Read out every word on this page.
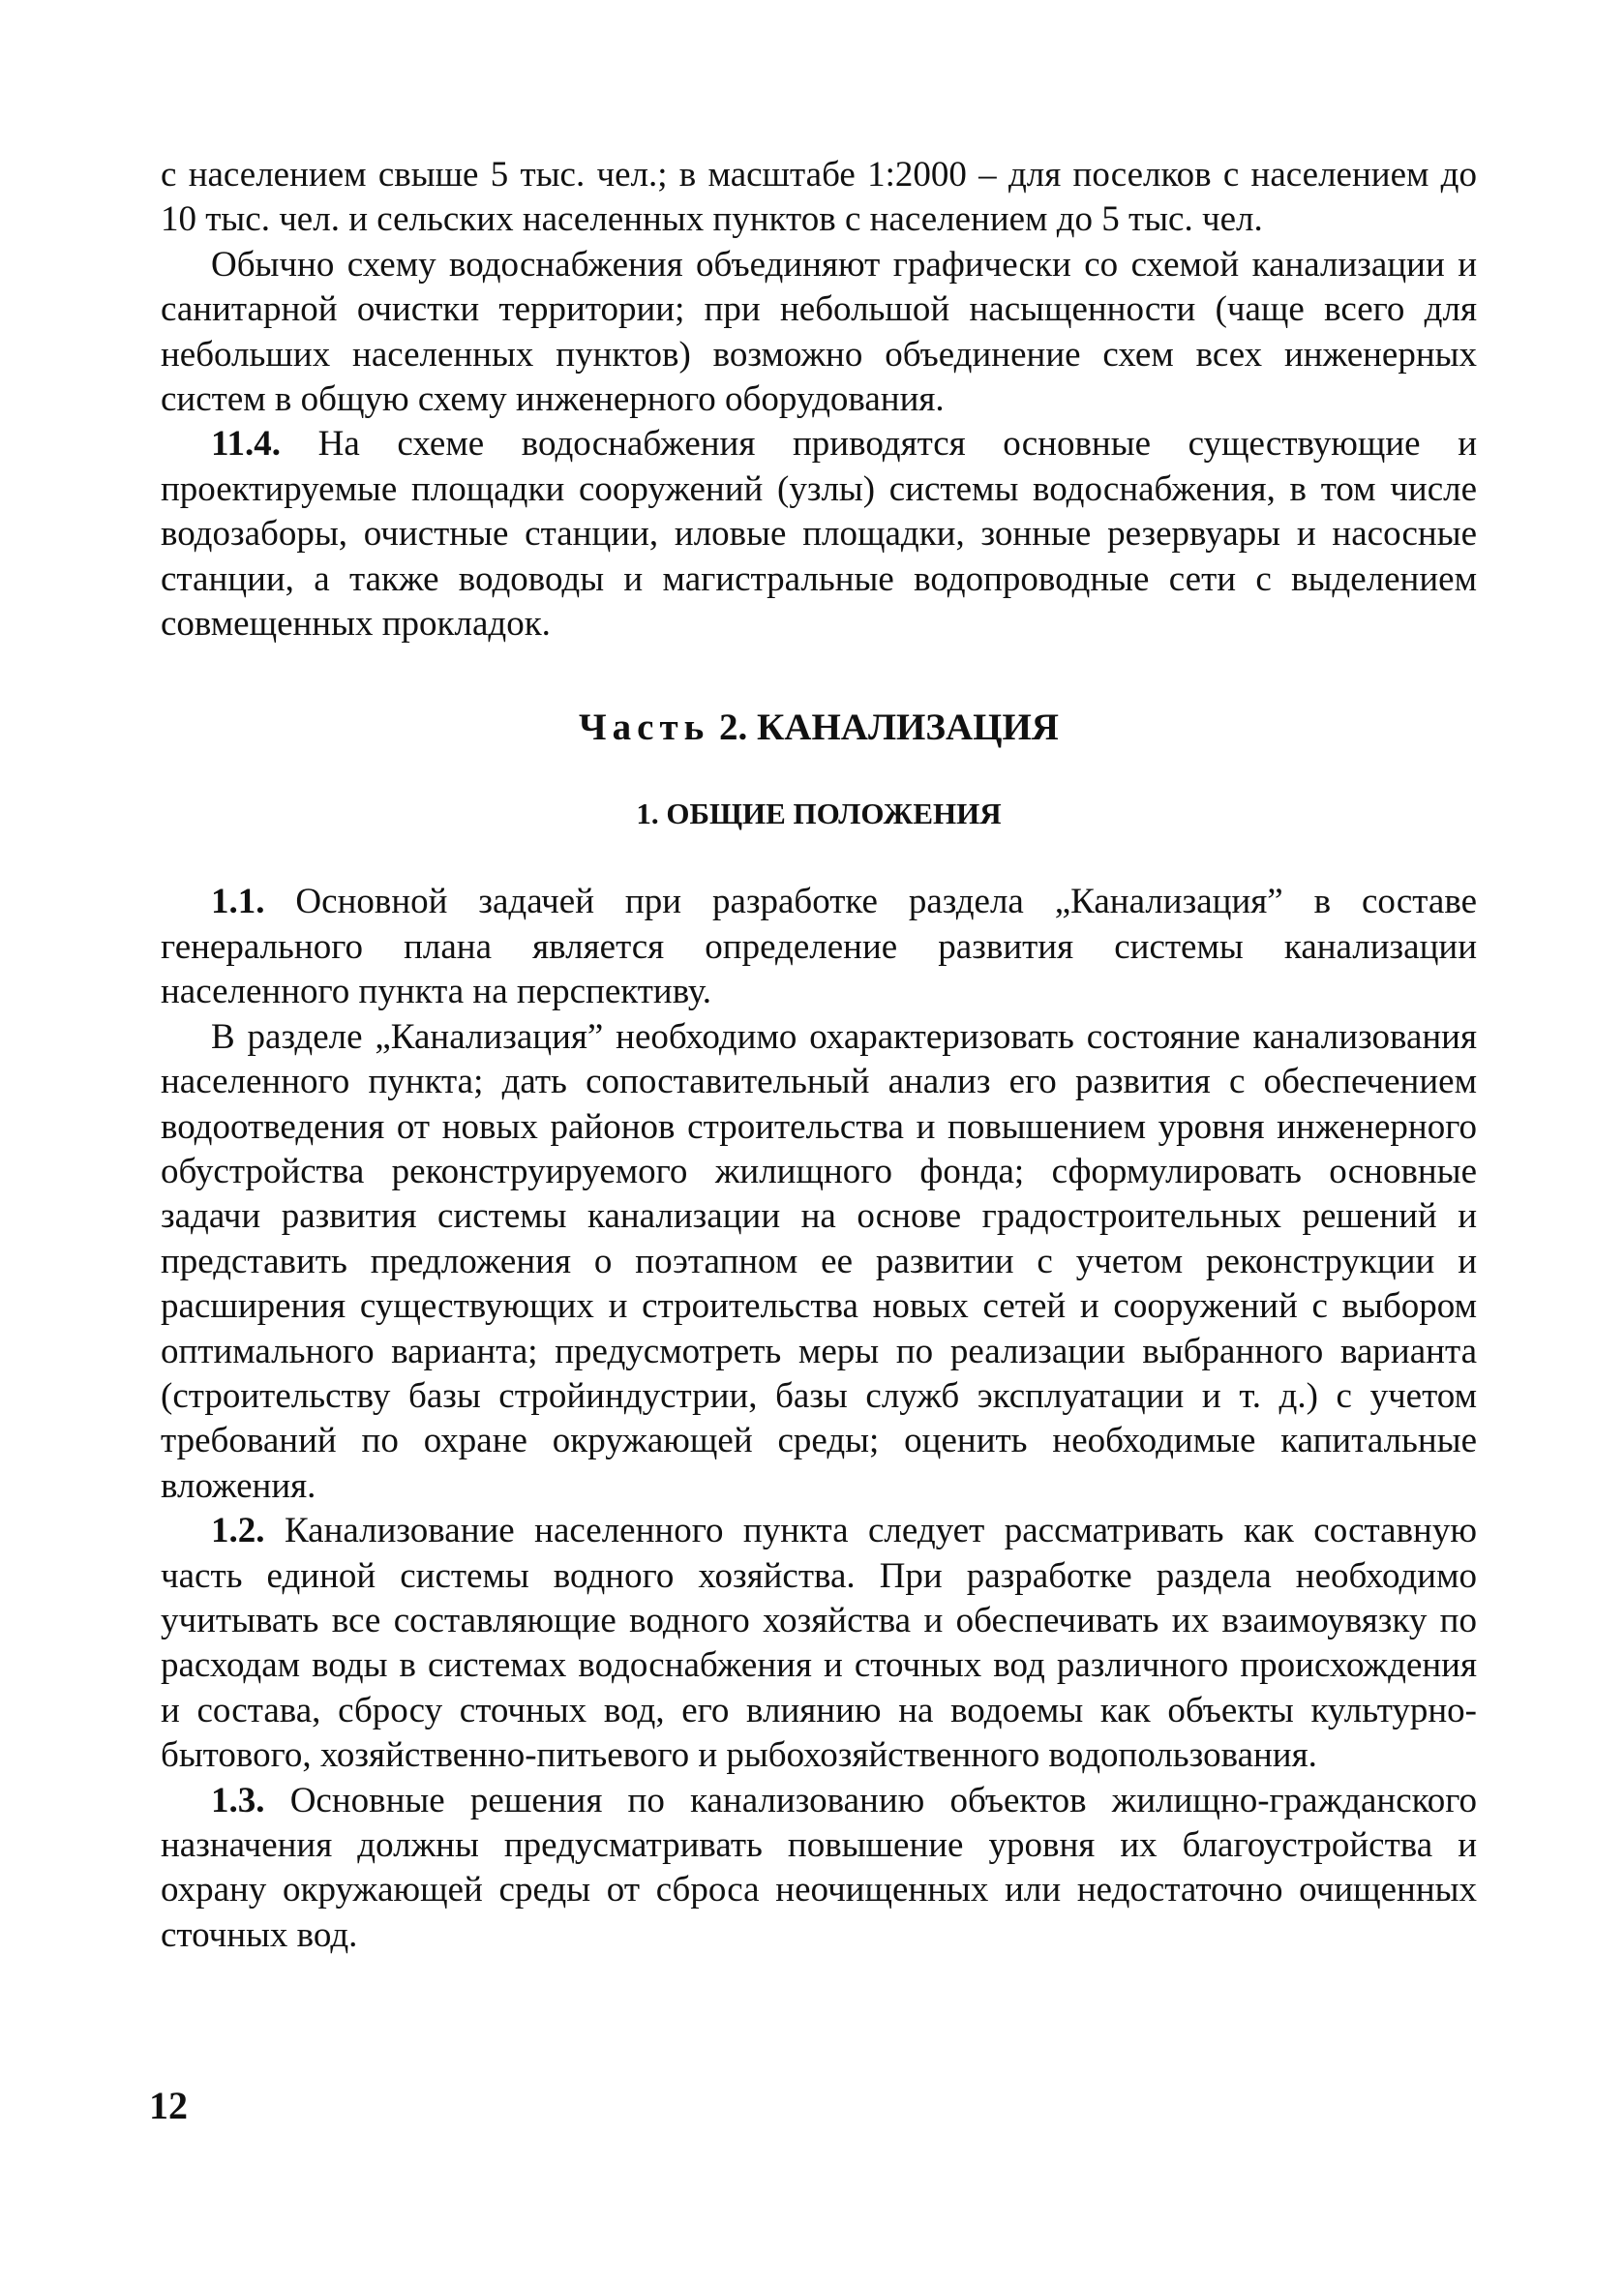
с населением свыше 5 тыс. чел.; в масштабе 1:2000 – для поселков с населением до 10 тыс. чел. и сельских населенных пунктов с населением до 5 тыс. чел.

Обычно схему водоснабжения объединяют графически со схемой канализации и санитарной очистки территории; при небольшой насыщенности (чаще всего для небольших населенных пунктов) возможно объединение схем всех инженерных систем в общую схему инженерного оборудования.

11.4. На схеме водоснабжения приводятся основные существующие и проектируемые площадки сооружений (узлы) системы водоснабжения, в том числе водозаборы, очистные станции, иловые площадки, зонные резервуары и насосные станции, а также водоводы и магистральные водопроводные сети с выделением совмещенных прокладок.

Часть 2. КАНАЛИЗАЦИЯ
1. ОБЩИЕ ПОЛОЖЕНИЯ

1.1. Основной задачей при разработке раздела „Канализация” в составе генерального плана является определение развития системы канализации населенного пункта на перспективу.

В разделе „Канализация” необходимо охарактеризовать состояние канализования населенного пункта; дать сопоставительный анализ его развития с обеспечением водоотведения от новых районов строительства и повышением уровня инженерного обустройства реконструируемого жилищного фонда; сформулировать основные задачи развития системы канализации на основе градостроительных решений и представить предложения о поэтапном ее развитии с учетом реконструкции и расширения существующих и строительства новых сетей и сооружений с выбором оптимального варианта; предусмотреть меры по реализации выбранного варианта (строительству базы стройиндустрии, базы служб эксплуатации и т. д.) с учетом требований по охране окружающей среды; оценить необходимые капитальные вложения.

1.2. Канализование населенного пункта следует рассматривать как составную часть единой системы водного хозяйства. При разработке раздела необходимо учитывать все составляющие водного хозяйства и обеспечивать их взаимоувязку по расходам воды в системах водоснабжения и сточных вод различного происхождения и состава, сбросу сточных вод, его влиянию на водоемы как объекты культурно-бытового, хозяйственно-питьевого и рыбохозяйственного водопользования.

1.3. Основные решения по канализованию объектов жилищно-гражданского назначения должны предусматривать повышение уровня их благоустройства и охрану окружающей среды от сброса неочищенных или недостаточно очищенных сточных вод.

12
